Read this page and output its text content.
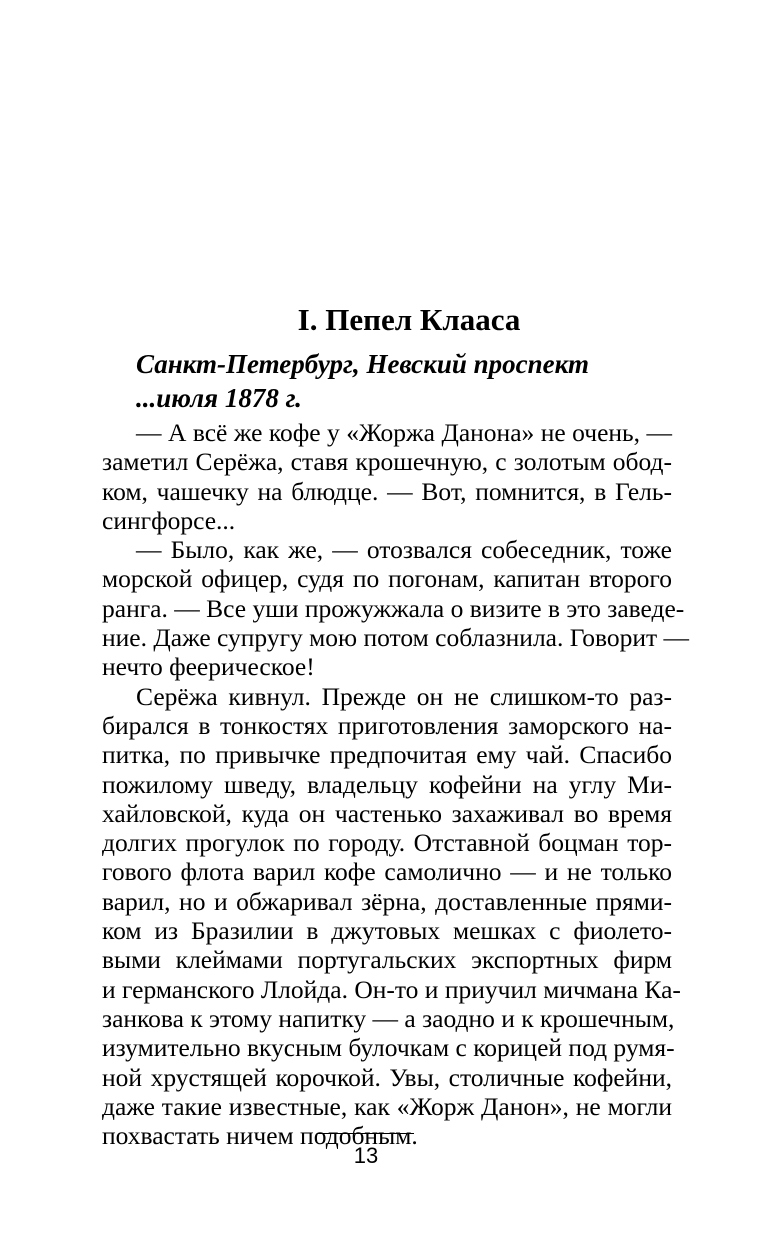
I. Пепел Клааса
Санкт-Петербург, Невский проспект
...июля 1878 г.
— А всё же кофе у «Жоржа Данона» не очень, —
заметил Серёжа, ставя крошечную, с золотым обод-
ком, чашечку на блюдце. — Вот, помнится, в Гель-
сингфорсе...
— Было, как же, — отозвался собеседник, тоже
морской офицер, судя по погонам, капитан второго
ранга. — Все уши прожужжала о визите в это заведе-
ние. Даже супругу мою потом соблазнила. Говорит —
нечто феерическое!
Серёжа кивнул. Прежде он не слишком-то раз-
бирался в тонкостях приготовления заморского на-
питка, по привычке предпочитая ему чай. Спасибо
пожилому шведу, владельцу кофейни на углу Ми-
хайловской, куда он частенько захаживал во время
долгих прогулок по городу. Отставной боцман тор-
гового флота варил кофе самолично — и не только
варил, но и обжаривал зёрна, доставленные прями-
ком из Бразилии в джутовых мешках с фиолето-
выми клеймами португальских экспортных фирм
и германского Ллойда. Он-то и приучил мичмана Ка-
занкова к этому напитку — а заодно и к крошечным,
изумительно вкусным булочкам с корицей под румя-
ной хрустящей корочкой. Увы, столичные кофейни,
даже такие известные, как «Жорж Данон», не могли
похвастать ничем подобным.
13
